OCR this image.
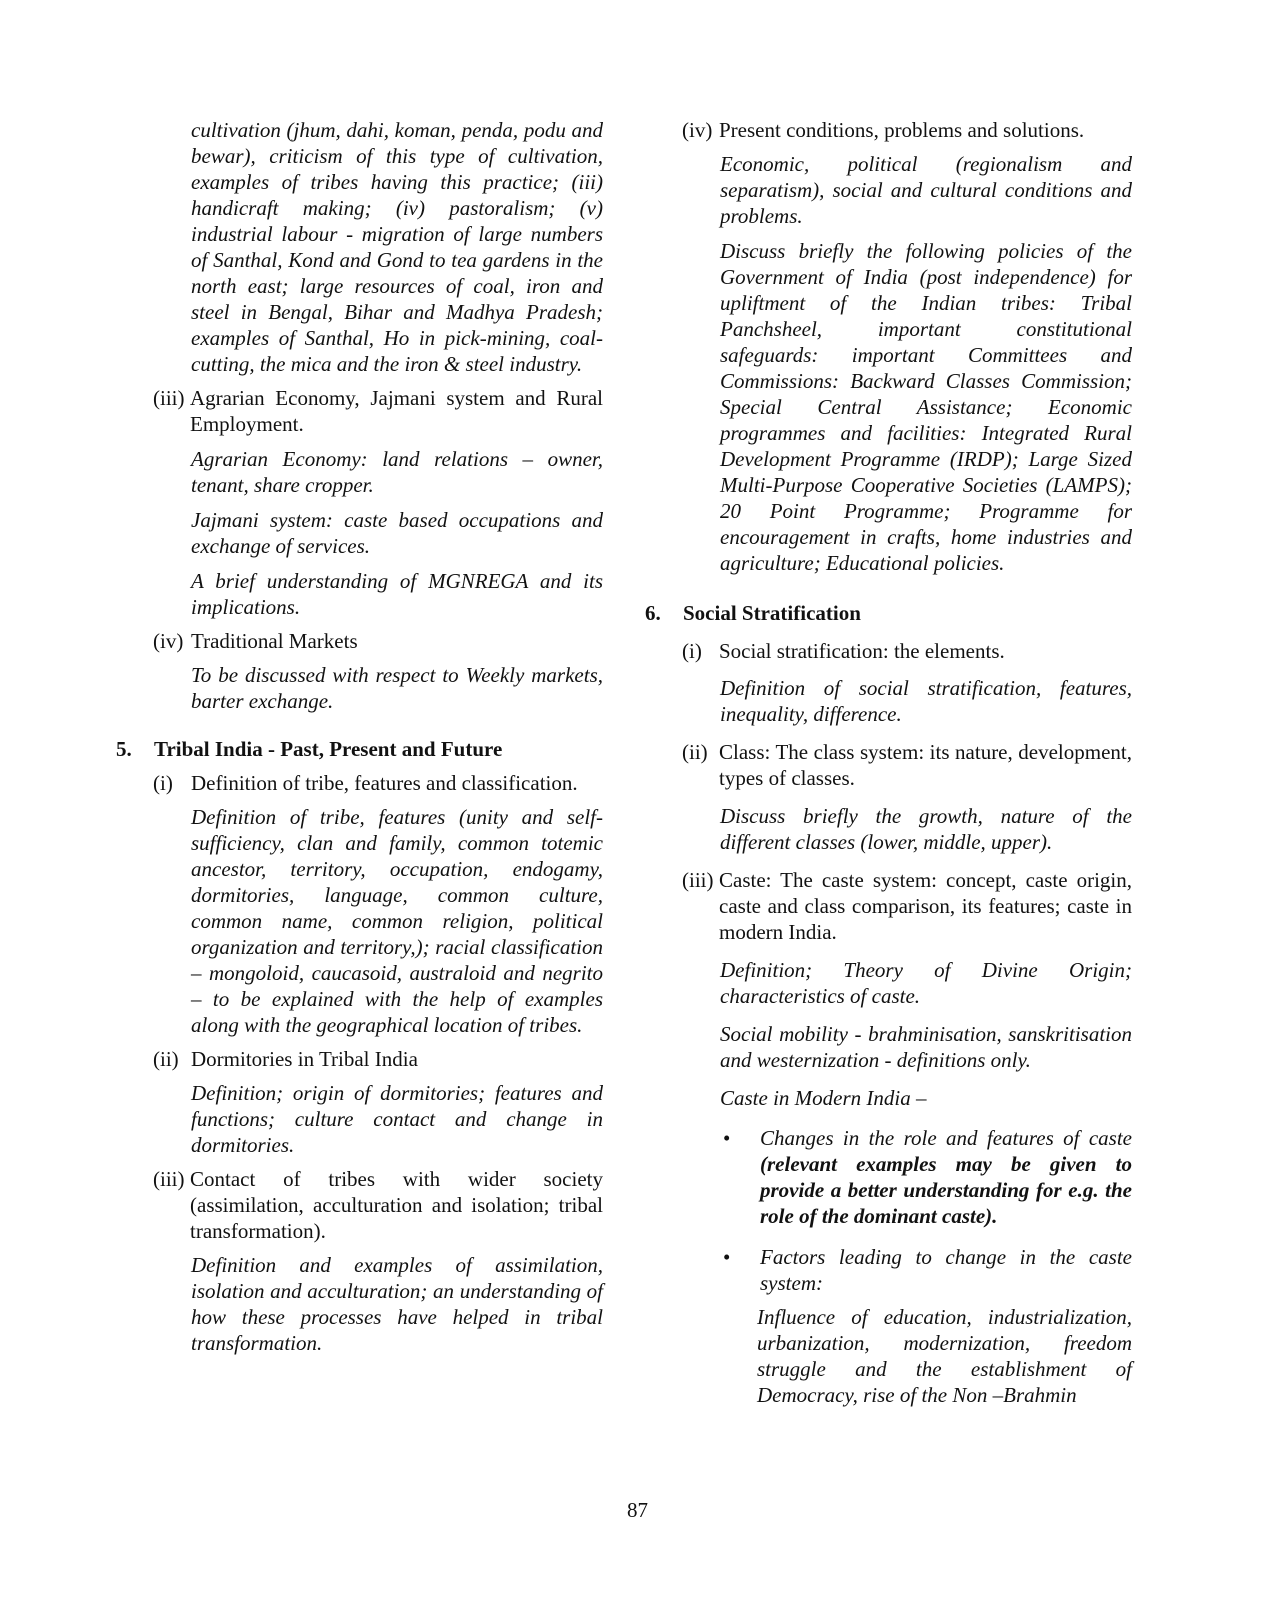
cultivation (jhum, dahi, koman, penda, podu and bewar), criticism of this type of cultivation, examples of tribes having this practice; (iii) handicraft making; (iv) pastoralism; (v) industrial labour - migration of large numbers of Santhal, Kond and Gond to tea gardens in the north east; large resources of coal, iron and steel in Bengal, Bihar and Madhya Pradesh; examples of Santhal, Ho in pick-mining, coal-cutting, the mica and the iron & steel industry.
(iii) Agrarian Economy, Jajmani system and Rural Employment.
Agrarian Economy: land relations – owner, tenant, share cropper.
Jajmani system: caste based occupations and exchange of services.
A brief understanding of MGNREGA and its implications.
(iv) Traditional Markets
To be discussed with respect to Weekly markets, barter exchange.
5.	Tribal India - Past, Present and Future
(i) Definition of tribe, features and classification.
Definition of tribe, features (unity and self-sufficiency, clan and family, common totemic ancestor, territory, occupation, endogamy, dormitories, language, common culture, common name, common religion, political organization and territory,); racial classification – mongoloid, caucasoid, australoid and negrito – to be explained with the help of examples along with the geographical location of tribes.
(ii) Dormitories in Tribal India
Definition; origin of dormitories; features and functions; culture contact and change in dormitories.
(iii) Contact of tribes with wider society (assimilation, acculturation and isolation; tribal transformation).
Definition and examples of assimilation, isolation and acculturation; an understanding of how these processes have helped in tribal transformation.
(iv) Present conditions, problems and solutions.
Economic, political (regionalism and separatism), social and cultural conditions and problems.
Discuss briefly the following policies of the Government of India (post independence) for upliftment of the Indian tribes: Tribal Panchsheel, important constitutional safeguards: important Committees and Commissions: Backward Classes Commission; Special Central Assistance; Economic programmes and facilities: Integrated Rural Development Programme (IRDP); Large Sized Multi-Purpose Cooperative Societies (LAMPS); 20 Point Programme; Programme for encouragement in crafts, home industries and agriculture; Educational policies.
6.	Social Stratification
(i) Social stratification: the elements.
Definition of social stratification, features, inequality, difference.
(ii) Class: The class system: its nature, development, types of classes.
Discuss briefly the growth, nature of the different classes (lower, middle, upper).
(iii) Caste: The caste system: concept, caste origin, caste and class comparison, its features; caste in modern India.
Definition; Theory of Divine Origin; characteristics of caste.
Social mobility - brahminisation, sanskritisation and westernization - definitions only.
Caste in Modern India –
•	Changes in the role and features of caste (relevant examples may be given to provide a better understanding for e.g. the role of the dominant caste).
•	Factors leading to change in the caste system:
Influence of education, industrialization, urbanization, modernization, freedom struggle and the establishment of Democracy, rise of the Non –Brahmin
87
